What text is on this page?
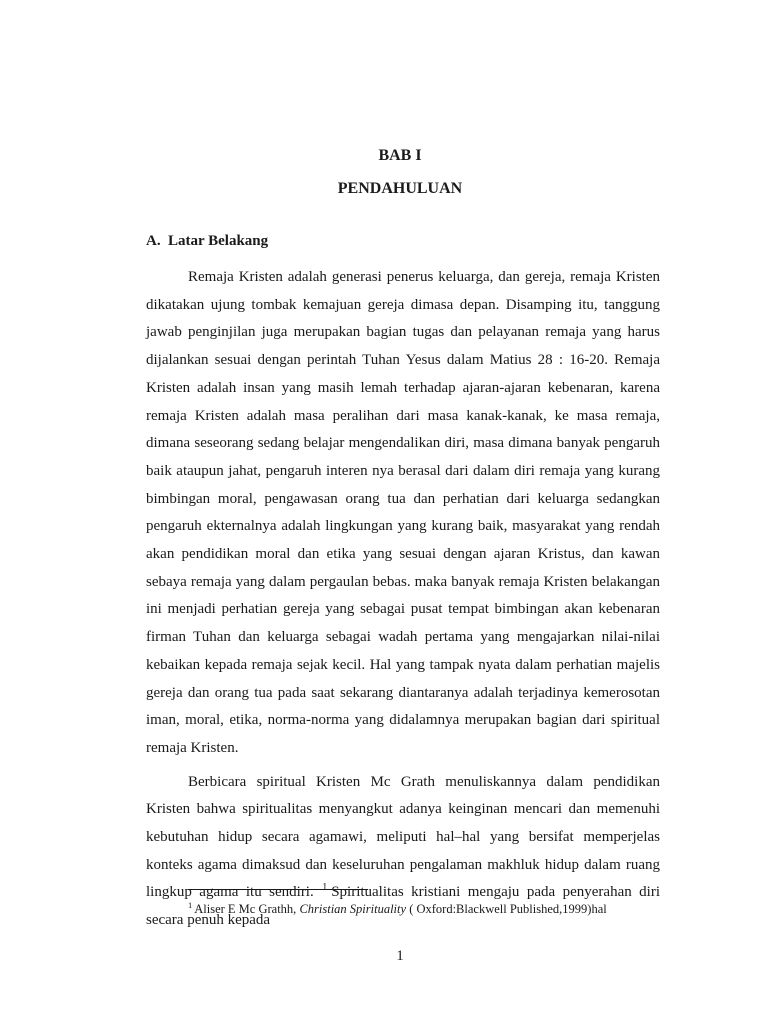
BAB I
PENDAHULUAN
A. Latar Belakang

Remaja Kristen adalah generasi penerus keluarga, dan gereja, remaja Kristen dikatakan ujung tombak kemajuan gereja dimasa depan. Disamping itu, tanggung jawab penginjilan juga merupakan bagian tugas dan pelayanan remaja yang harus dijalankan sesuai dengan perintah Tuhan Yesus dalam Matius 28 : 16-20. Remaja Kristen adalah insan yang masih lemah terhadap ajaran-ajaran kebenaran, karena remaja Kristen adalah masa peralihan dari masa kanak-kanak, ke masa remaja, dimana seseorang sedang belajar mengendalikan diri, masa dimana banyak pengaruh baik ataupun jahat, pengaruh interen nya berasal dari dalam diri remaja yang kurang bimbingan moral, pengawasan orang tua dan perhatian dari keluarga sedangkan pengaruh ekternalnya adalah lingkungan yang kurang baik, masyarakat yang rendah akan pendidikan moral dan etika yang sesuai dengan ajaran Kristus, dan kawan sebaya remaja yang dalam pergaulan bebas. maka banyak remaja Kristen belakangan ini menjadi perhatian gereja yang sebagai pusat tempat bimbingan akan kebenaran firman Tuhan dan keluarga sebagai wadah pertama yang mengajarkan nilai-nilai kebaikan kepada remaja sejak kecil. Hal yang tampak nyata dalam perhatian majelis gereja dan orang tua pada saat sekarang diantaranya adalah terjadinya kemerosotan iman, moral, etika, norma-norma yang didalamnya merupakan bagian dari spiritual remaja Kristen.

Berbicara spiritual Kristen Mc Grath menuliskannya dalam pendidikan Kristen bahwa spiritualitas menyangkut adanya keinginan mencari dan memenuhi kebutuhan hidup secara agamawi, meliputi hal–hal yang bersifat memperjelas konteks agama dimaksud dan keseluruhan pengalaman makhluk hidup dalam ruang lingkup agama itu sendiri. $^1$ Spiritualitas kristiani mengaju pada penyerahan diri secara penuh kepada

$^1$ Aliser E Mc Grathh, Christian Spirituality ( Oxford:Blackwell Published,1999)hal
1
